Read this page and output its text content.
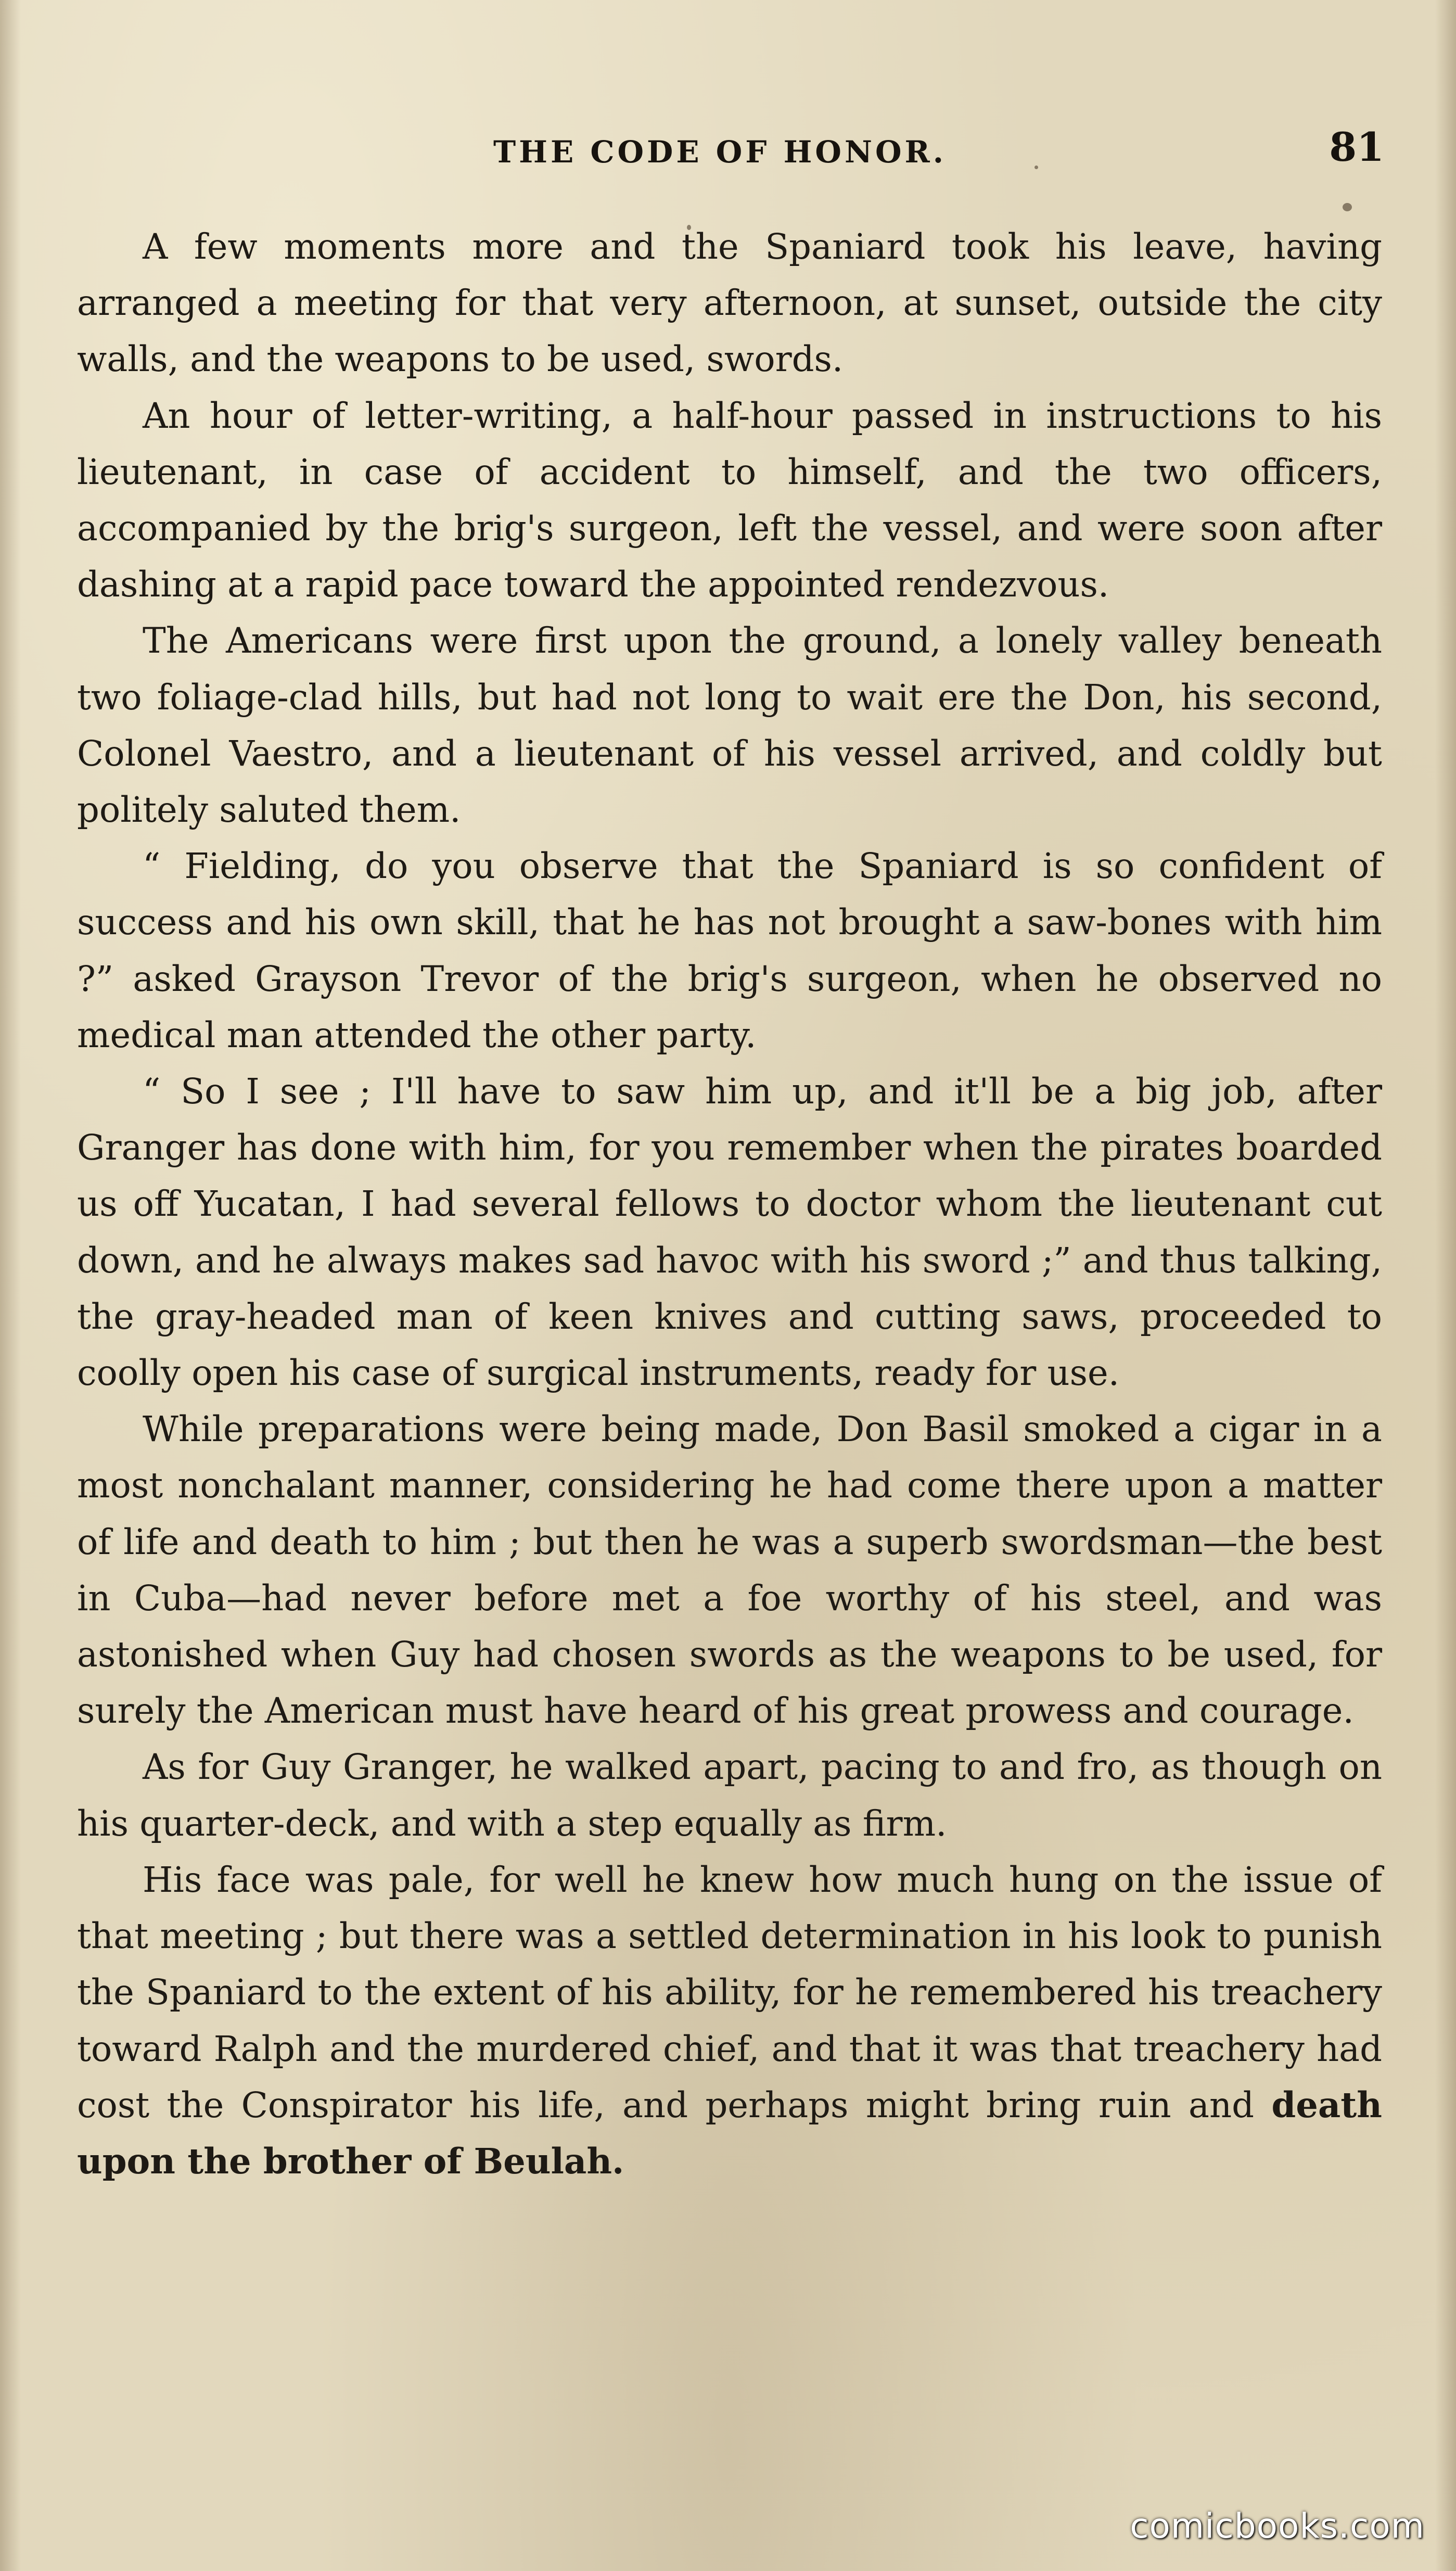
THE CODE OF HONOR.	81

A few moments more and the Spaniard took his leave, having arranged a meeting for that very afternoon, at sunset, outside the city walls, and the weapons to be used, swords.

An hour of letter-writing, a half-hour passed in instructions to his lieutenant, in case of accident to himself, and the two officers, accompanied by the brig's surgeon, left the vessel, and were soon after dashing at a rapid pace toward the appointed rendezvous.

The Americans were first upon the ground, a lonely valley beneath two foliage-clad hills, but had not long to wait ere the Don, his second, Colonel Vaestro, and a lieutenant of his vessel arrived, and coldly but politely saluted them.

“ Fielding, do you observe that the Spaniard is so confident of success and his own skill, that he has not brought a saw-bones with him ?” asked Grayson Trevor of the brig's surgeon, when he observed no medical man attended the other party.

“ So I see ; I'll have to saw him up, and it'll be a big job, after Granger has done with him, for you remember when the pirates boarded us off Yucatan, I had several fellows to doctor whom the lieutenant cut down, and he always makes sad havoc with his sword ;” and thus talking, the gray-headed man of keen knives and cutting saws, proceeded to coolly open his case of surgical instruments, ready for use.

While preparations were being made, Don Basil smoked a cigar in a most nonchalant manner, considering he had come there upon a matter of life and death to him ; but then he was a superb swordsman—the best in Cuba—had never before met a foe worthy of his steel, and was astonished when Guy had chosen swords as the weapons to be used, for surely the American must have heard of his great prowess and courage.

As for Guy Granger, he walked apart, pacing to and fro, as though on his quarter-deck, and with a step equally as firm.

His face was pale, for well he knew how much hung on the issue of that meeting ; but there was a settled determination in his look to punish the Spaniard to the extent of his ability, for he remembered his treachery toward Ralph and the murdered chief, and that it was that treachery had cost the Conspirator his life, and perhaps might bring ruin and death upon the brother of Beulah.

comicbooks.com
